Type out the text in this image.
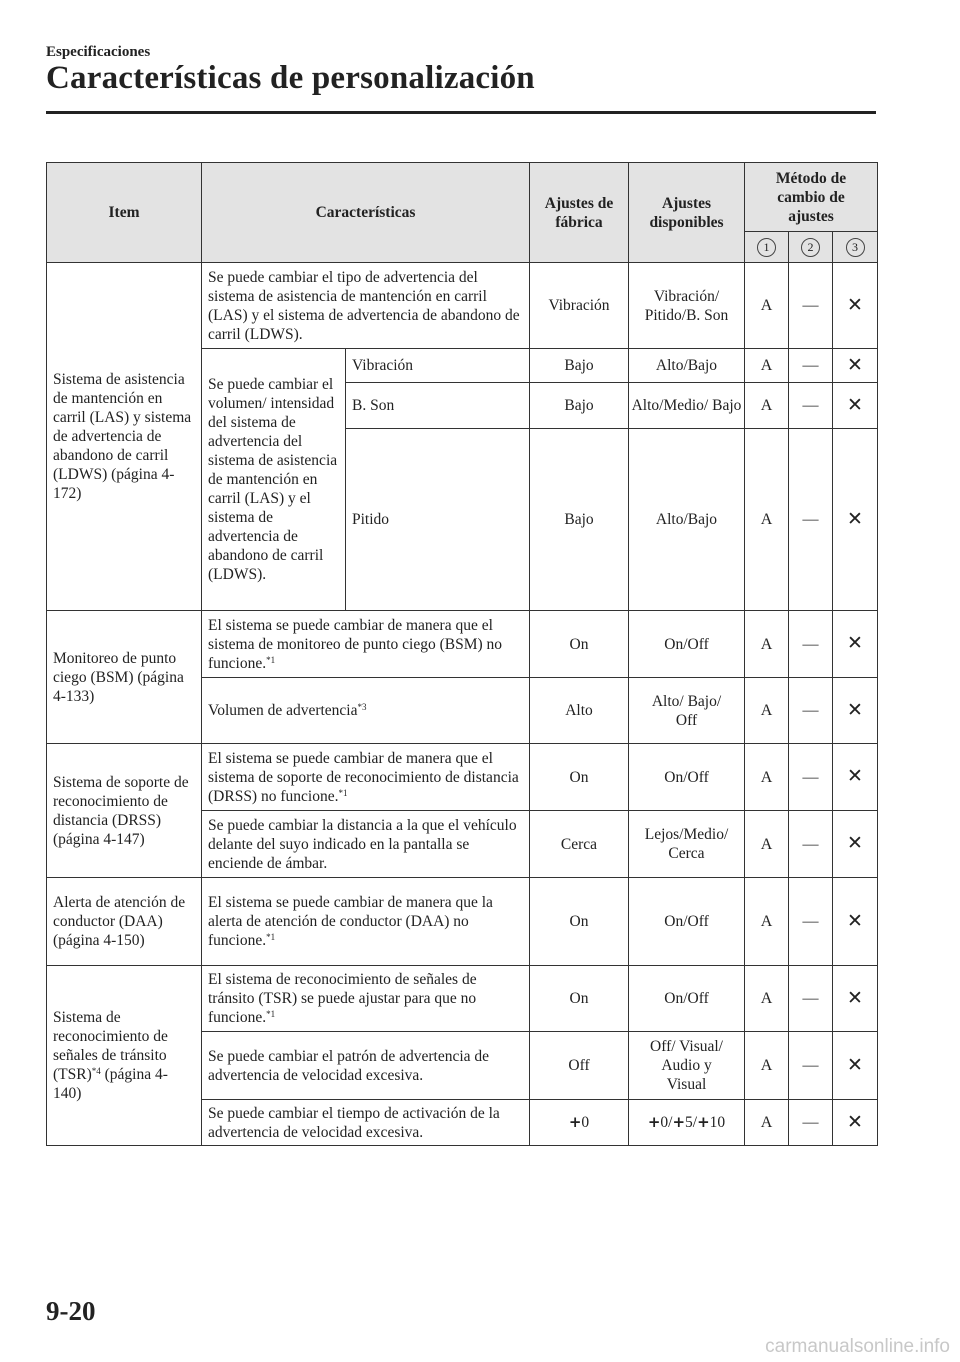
Especificaciones
Características de personalización
Item	Características		Ajustes de fábrica	Ajustes disponibles	Método de cambio de ajustes		
					1	2	3
Sistema de asistencia de mantención en carril (LAS) y sistema de advertencia de abandono de carril (LDWS) (página 4-172)	Se puede cambiar el tipo de advertencia del sistema de asistencia de mantención en carril (LAS) y el sistema de advertencia de abandono de carril (LDWS).		Vibración	Vibración/ Pitido/B. Son	A	—	✕
	Se puede cambiar el volumen/ intensidad del sistema de advertencia del sistema de asistencia de mantención en carril (LAS) y el sistema de advertencia de abandono de carril (LDWS).	Vibración	Bajo	Alto/Bajo	A	—	✕
		B. Son	Bajo	Alto/Medio/ Bajo	A	—	✕
		Pitido	Bajo	Alto/Bajo	A	—	✕
Monitoreo de punto ciego (BSM) (página 4-133)	El sistema se puede cambiar de manera que el sistema de monitoreo de punto ciego (BSM) no funcione.$^{*1}$		On	On/Off	A	—	✕
	Volumen de advertencia$^{*3}$		Alto	Alto/ Bajo/ Off	A	—	✕
Sistema de soporte de reconocimiento de distancia (DRSS) (página 4-147)	El sistema se puede cambiar de manera que el sistema de soporte de reconocimiento de distancia (DRSS) no funcione.$^{*1}$		On	On/Off	A	—	✕
	Se puede cambiar la distancia a la que el vehículo delante del suyo indicado en la pantalla se enciende de ámbar.		Cerca	Lejos/Medio/ Cerca	A	—	✕
Alerta de atención de conductor (DAA) (página 4-150)	El sistema se puede cambiar de manera que la alerta de atención de conductor (DAA) no funcione.$^{*1}$		On	On/Off	A	—	✕
Sistema de reconocimiento de señales de tránsito (TSR)$^{*4}$ (página 4-140)	El sistema de reconocimiento de señales de tránsito (TSR) se puede ajustar para que no funcione.$^{*1}$		On	On/Off	A	—	✕
	Se puede cambiar el patrón de advertencia de advertencia de velocidad excesiva.		Off	Off/ Visual/ Audio y Visual	A	—	✕
	Se puede cambiar el tiempo de activación de la advertencia de velocidad excesiva.		+0	+0/+5/+10	A	—	✕
9-20
carmanualsonline.info
